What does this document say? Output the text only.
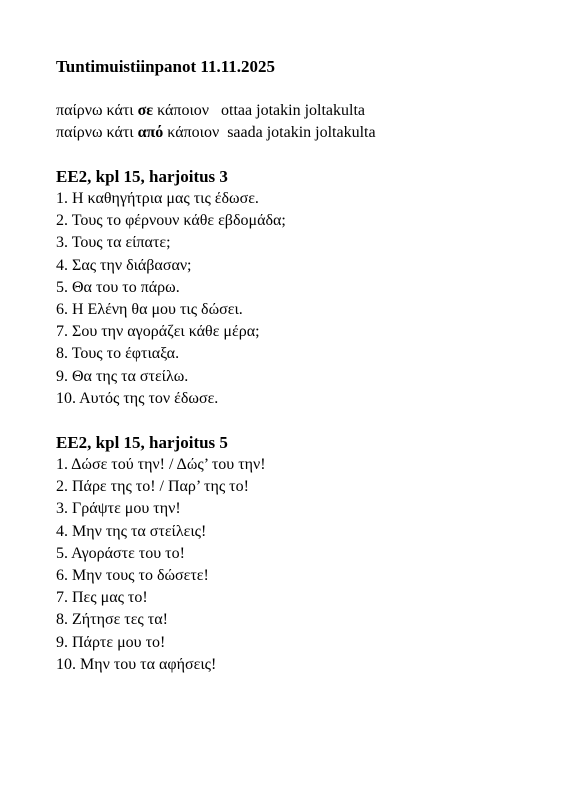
Tuntimuistiinpanot 11.11.2025
παίρνω κάτι σε κάποιον   ottaa jotakin joltakulta
παίρνω κάτι από κάποιον  saada jotakin joltakulta
EE2, kpl 15, harjoitus 3
1. Η καθηγήτρια μας τις έδωσε.
2. Τους το φέρνουν κάθε εβδομάδα;
3. Τους τα είπατε;
4. Σας την διάβασαν;
5. Θα του το πάρω.
6. Η Ελένη θα μου τις δώσει.
7. Σου την αγοράζει κάθε μέρα;
8. Τους το έφτιαξα.
9. Θα της τα στείλω.
10. Αυτός της τον έδωσε.
EE2, kpl 15, harjoitus 5
1. Δώσε τού την! / Δώς’ του την!
2. Πάρε της το! / Παρ’ της το!
3. Γράψτε μου την!
4. Μην της τα στείλεις!
5. Αγοράστε του το!
6. Μην τους το δώσετε!
7. Πες μας το!
8. Ζήτησε τες τα!
9. Πάρτε μου το!
10. Μην του τα αφήσεις!
